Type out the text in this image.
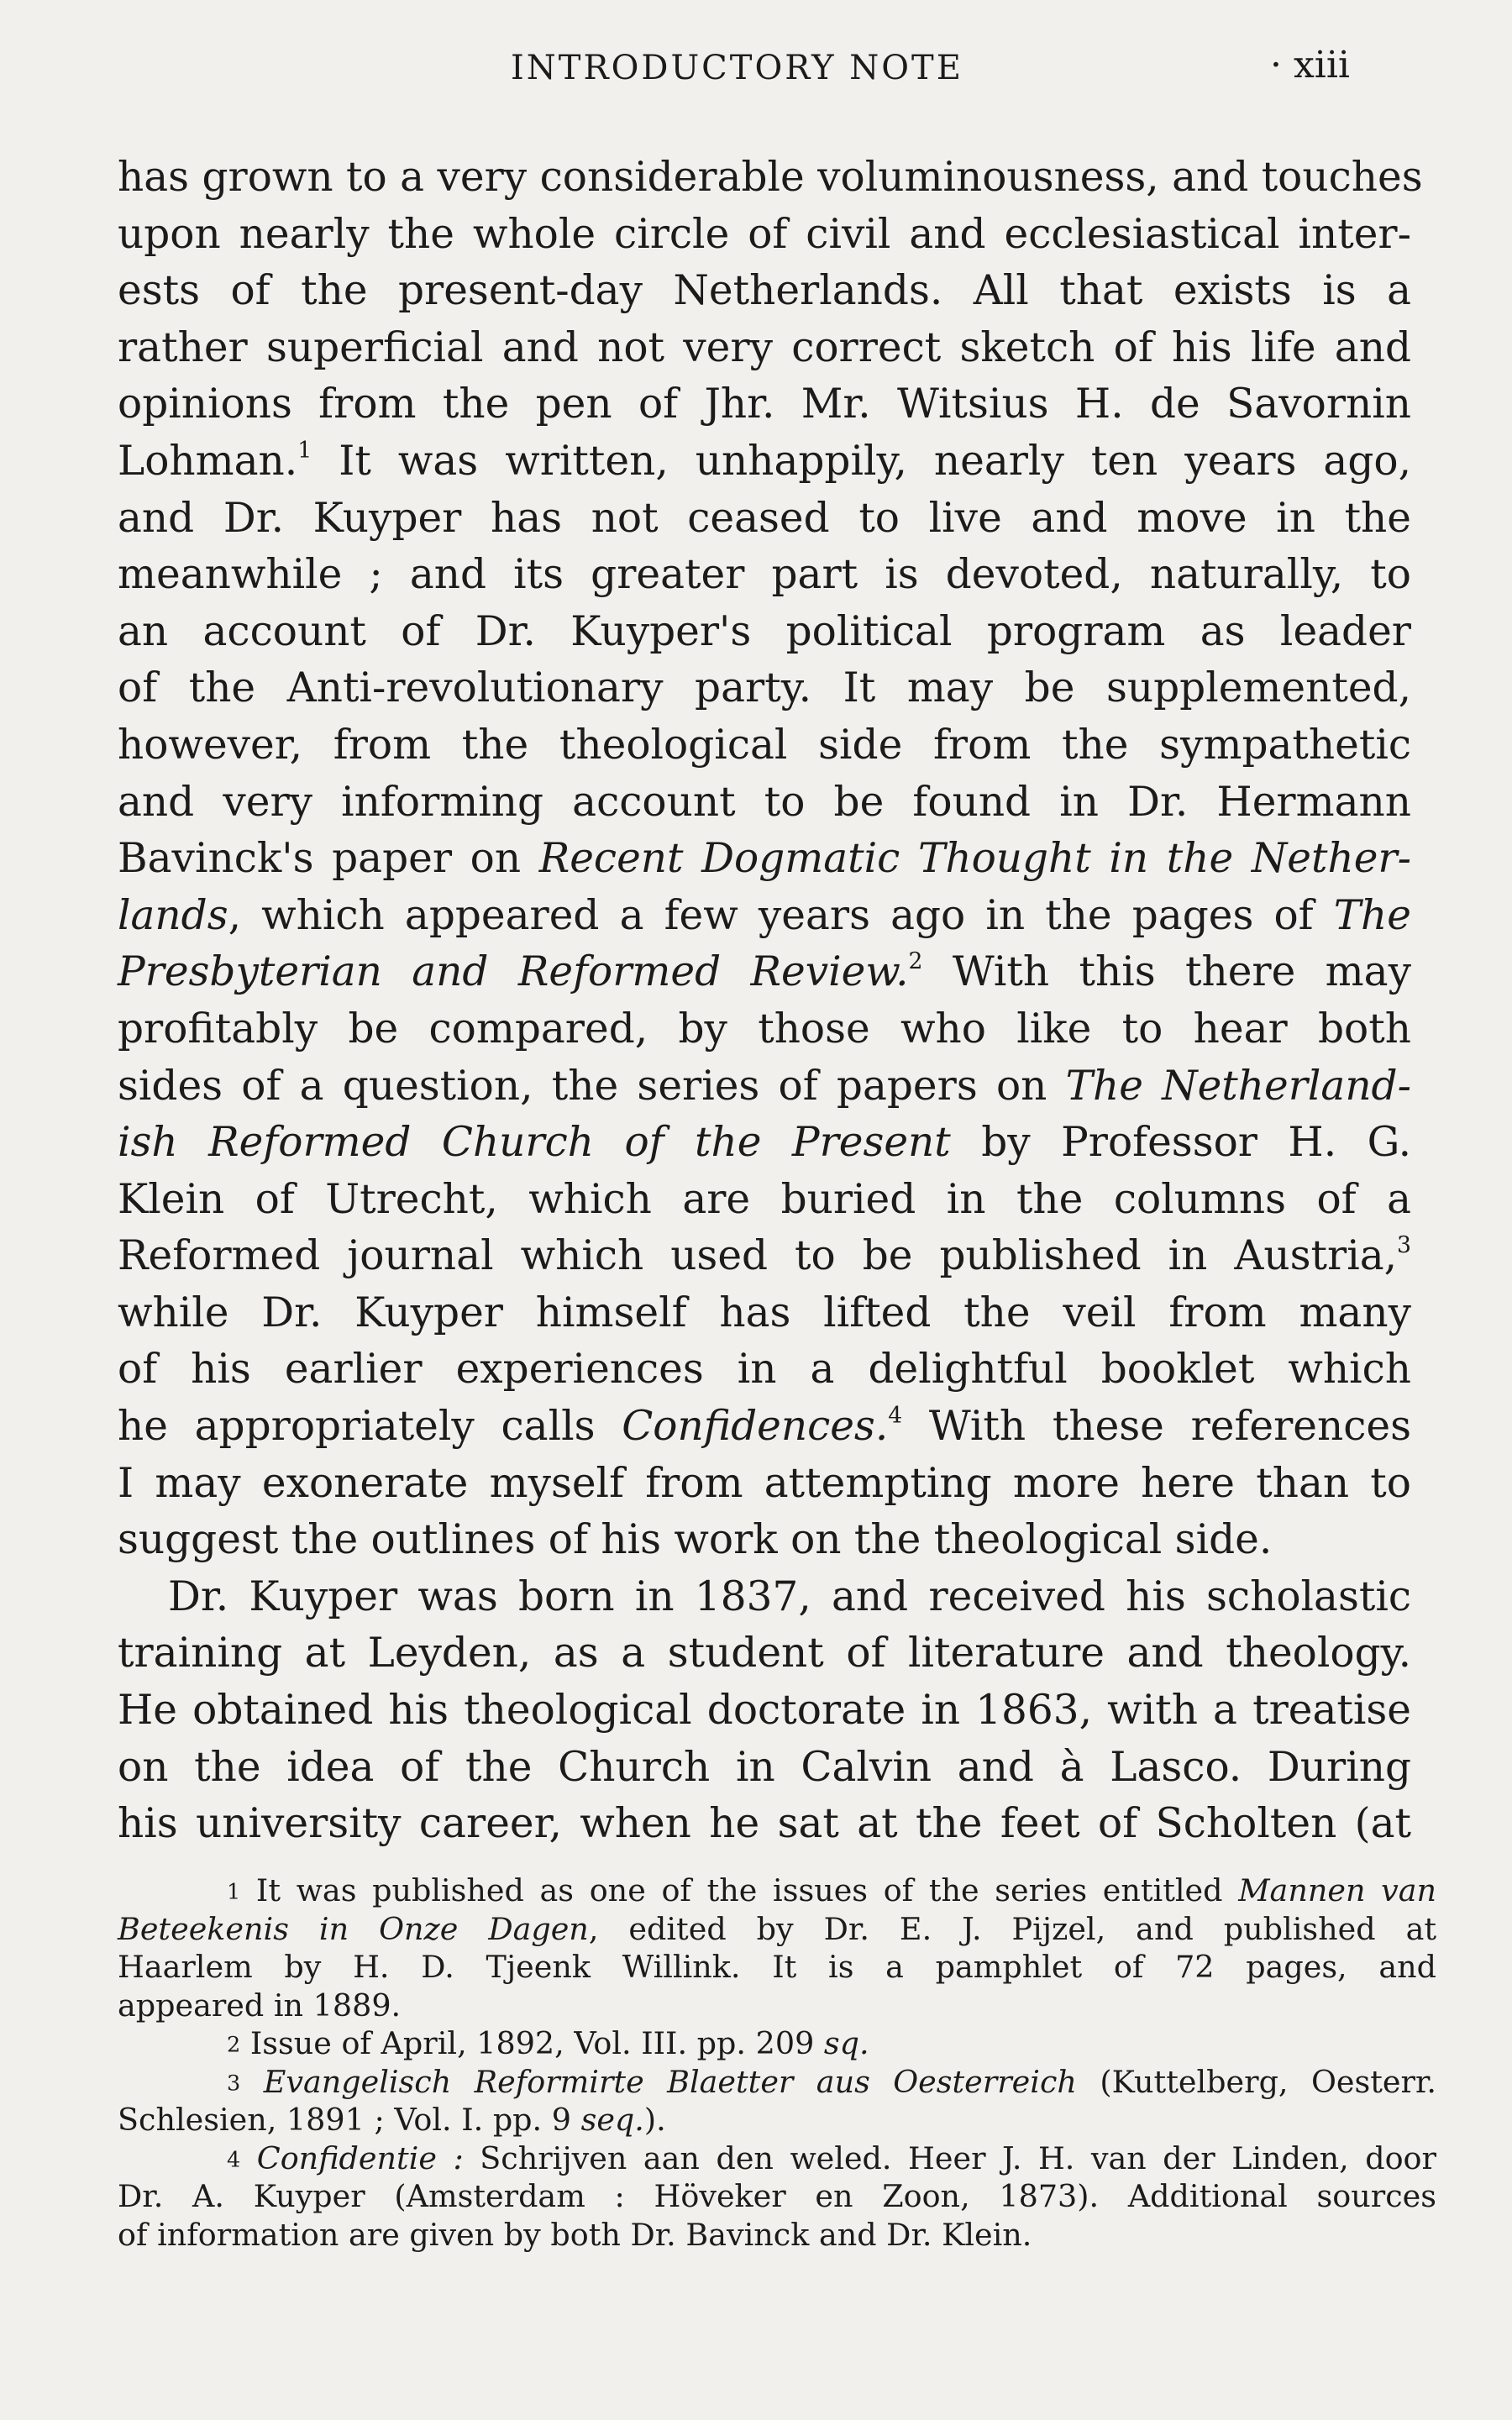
INTRODUCTORY NOTE	· xiii
has grown to a very considerable voluminousness, and touches
upon nearly the whole circle of civil and ecclesiastical inter-
ests of the present-day Netherlands. All that exists is a
rather superficial and not very correct sketch of his life and
opinions from the pen of Jhr. Mr. Witsius H. de Savornin
Lohman.$^1$ It was written, unhappily, nearly ten years ago,
and Dr. Kuyper has not ceased to live and move in the
meanwhile ; and its greater part is devoted, naturally, to
an account of Dr. Kuyper's political program as leader
of the Anti-revolutionary party. It may be supplemented,
however, from the theological side from the sympathetic
and very informing account to be found in Dr. Hermann
Bavinck's paper on Recent Dogmatic Thought in the Nether-
lands, which appeared a few years ago in the pages of The
Presbyterian and Reformed Review.$^2$ With this there may
profitably be compared, by those who like to hear both
sides of a question, the series of papers on The Netherland-
ish Reformed Church of the Present by Professor H. G.
Klein of Utrecht, which are buried in the columns of a
Reformed journal which used to be published in Austria,$^3$
while Dr. Kuyper himself has lifted the veil from many
of his earlier experiences in a delightful booklet which
he appropriately calls Confidences.$^4$ With these references
I may exonerate myself from attempting more here than to
suggest the outlines of his work on the theological side.
Dr. Kuyper was born in 1837, and received his scholastic
training at Leyden, as a student of literature and theology.
He obtained his theological doctorate in 1863, with a treatise
on the idea of the Church in Calvin and à Lasco. During
his university career, when he sat at the feet of Scholten (at
1 It was published as one of the issues of the series entitled Mannen van
Beteekenis in Onze Dagen, edited by Dr. E. J. Pijzel, and published at
Haarlem by H. D. Tjeenk Willink. It is a pamphlet of 72 pages, and
appeared in 1889.
2 Issue of April, 1892, Vol. III. pp. 209 sq.
3 Evangelisch Reformirte Blaetter aus Oesterreich (Kuttelberg, Oesterr.
Schlesien, 1891 ; Vol. I. pp. 9 seq.).
4 Confidentie : Schrijven aan den weled. Heer J. H. van der Linden, door
Dr. A. Kuyper (Amsterdam : Höveker en Zoon, 1873). Additional sources
of information are given by both Dr. Bavinck and Dr. Klein.
